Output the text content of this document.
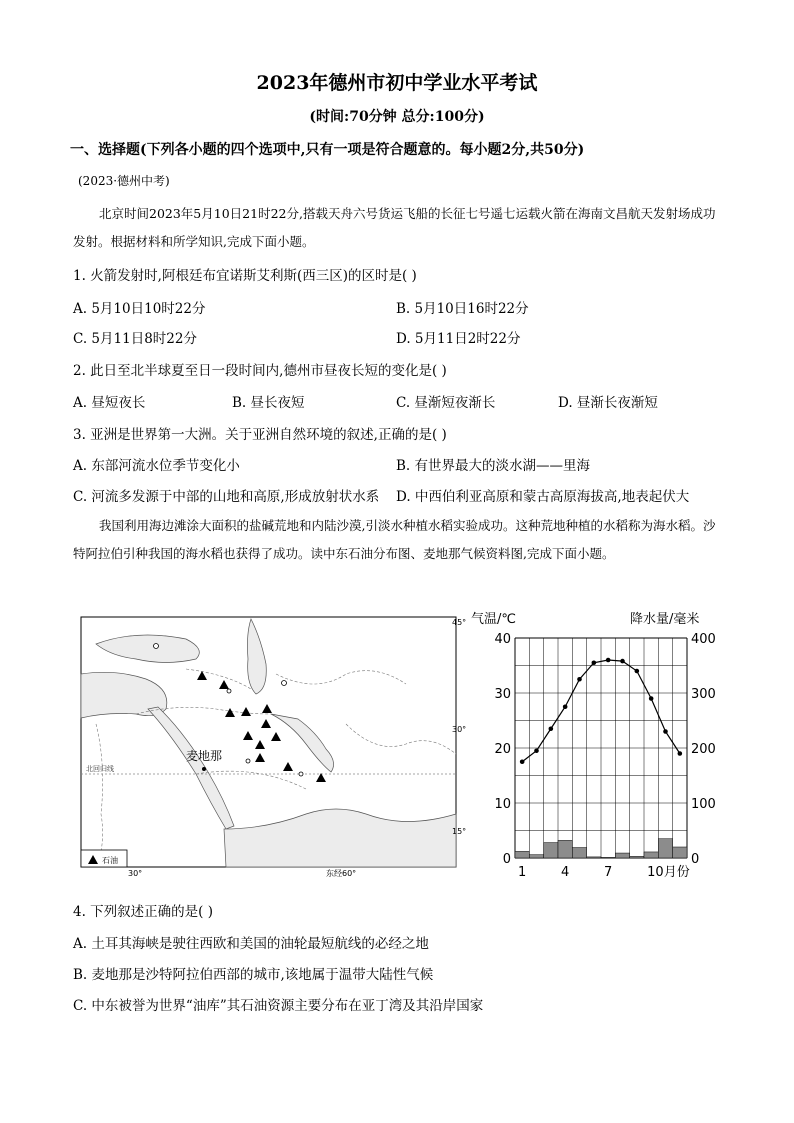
2023年德州市初中学业水平考试
(时间:70分钟 总分:100分)
一、选择题(下列各小题的四个选项中,只有一项是符合题意的。每小题2分,共50分)
(2023·德州中考)
北京时间2023年5月10日21时22分,搭载天舟六号货运飞船的长征七号遥七运载火箭在海南文昌航天发射场成功发射。根据材料和所学知识,完成下面小题。
1. 火箭发射时,阿根廷布宜诺斯艾利斯(西三区)的区时是( )
A. 5月10日10时22分	B. 5月10日16时22分
C. 5月11日8时22分	D. 5月11日2时22分
2. 此日至北半球夏至日一段时间内,德州市昼夜长短的变化是( )
A. 昼短夜长	B. 昼长夜短	C. 昼渐短夜渐长	D. 昼渐长夜渐短
3. 亚洲是世界第一大洲。关于亚洲自然环境的叙述,正确的是( )
A. 东部河流水位季节变化小	B. 有世界最大的淡水湖——里海
C. 河流多发源于中部的山地和高原,形成放射状水系 D. 中西伯利亚高原和蒙古高原海拔高,地表起伏大
我国利用海边滩涂大面积的盐碱荒地和内陆沙漠,引淡水种植水稻实验成功。这种荒地种植的水稻称为海水稻。沙特阿拉伯引种我国的海水稻也获得了成功。读中东石油分布图、麦地那气候资料图,完成下面小题。
北回归线
麦地那
石油
45°
30°
15°
30°	东经60°
气温/℃	降水量/毫米
40
30
20
10
0
400
300
200
100
0
1	4	7	10月份
4. 下列叙述正确的是( )
A. 土耳其海峡是驶往西欧和美国的油轮最短航线的必经之地
B. 麦地那是沙特阿拉伯西部的城市,该地属于温带大陆性气候
C. 中东被誉为世界“油库”其石油资源主要分布在亚丁湾及其沿岸国家
